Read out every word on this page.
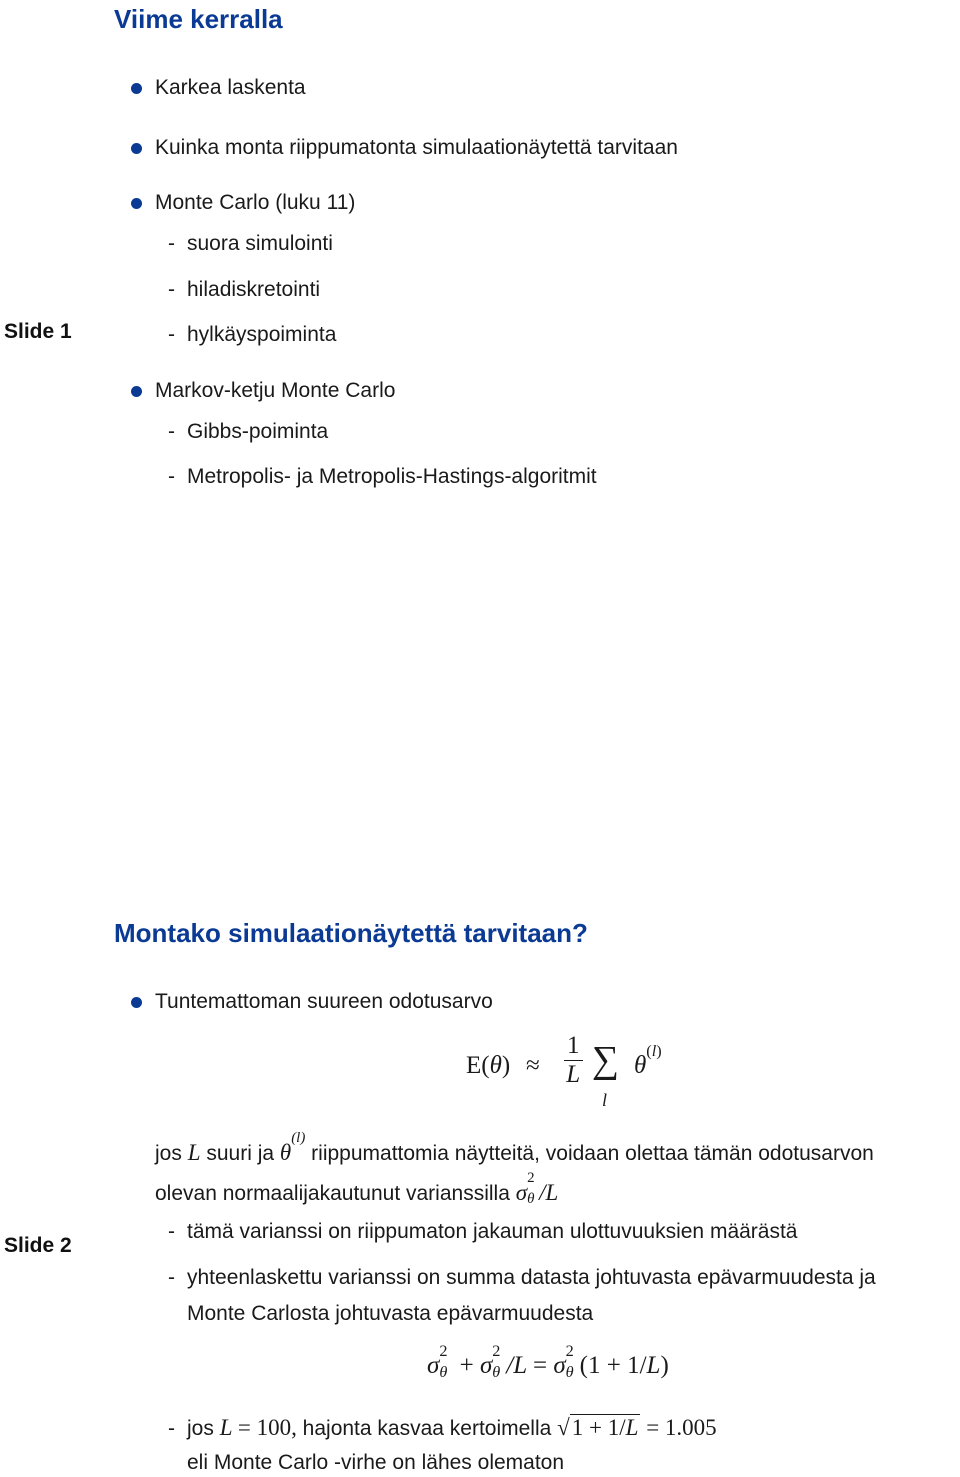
Viime kerralla
Slide 1
Karkea laskenta
Kuinka monta riippumatonta simulaationäytettä tarvitaan
Monte Carlo (luku 11)
- suora simulointi
- hiladiskretointi
- hylkäyspoiminta
Markov-ketju Monte Carlo
- Gibbs-poiminta
- Metropolis- ja Metropolis-Hastings-algoritmit
Montako simulaationäytettä tarvitaan?
Slide 2
Tuntemattoman suureen odotusarvo
$E(\theta) \approx \frac{1}{L}$ ∑
l
$\theta^{(l)}$
jos L suuri ja $\theta^{(l)}$ riippumattomia näytteitä, voidaan olettaa tämän odotusarvon
olevan normaalijakautunut varianssilla σ
2
θ /L
- tämä varianssi on riippumaton jakauman ulottuvuuksien määrästä
- yhteenlaskettu varianssi on summa datasta johtuvasta epävarmuudesta ja
Monte Carlosta johtuvasta epävarmuudesta
σ
2
θ + σ
2
θ /L = σ
2
θ (1 + 1/L)
- jos L = 100, hajonta kasvaa kertoimella √1 + 1/L = 1.005
eli Monte Carlo -virhe on lähes olematon
